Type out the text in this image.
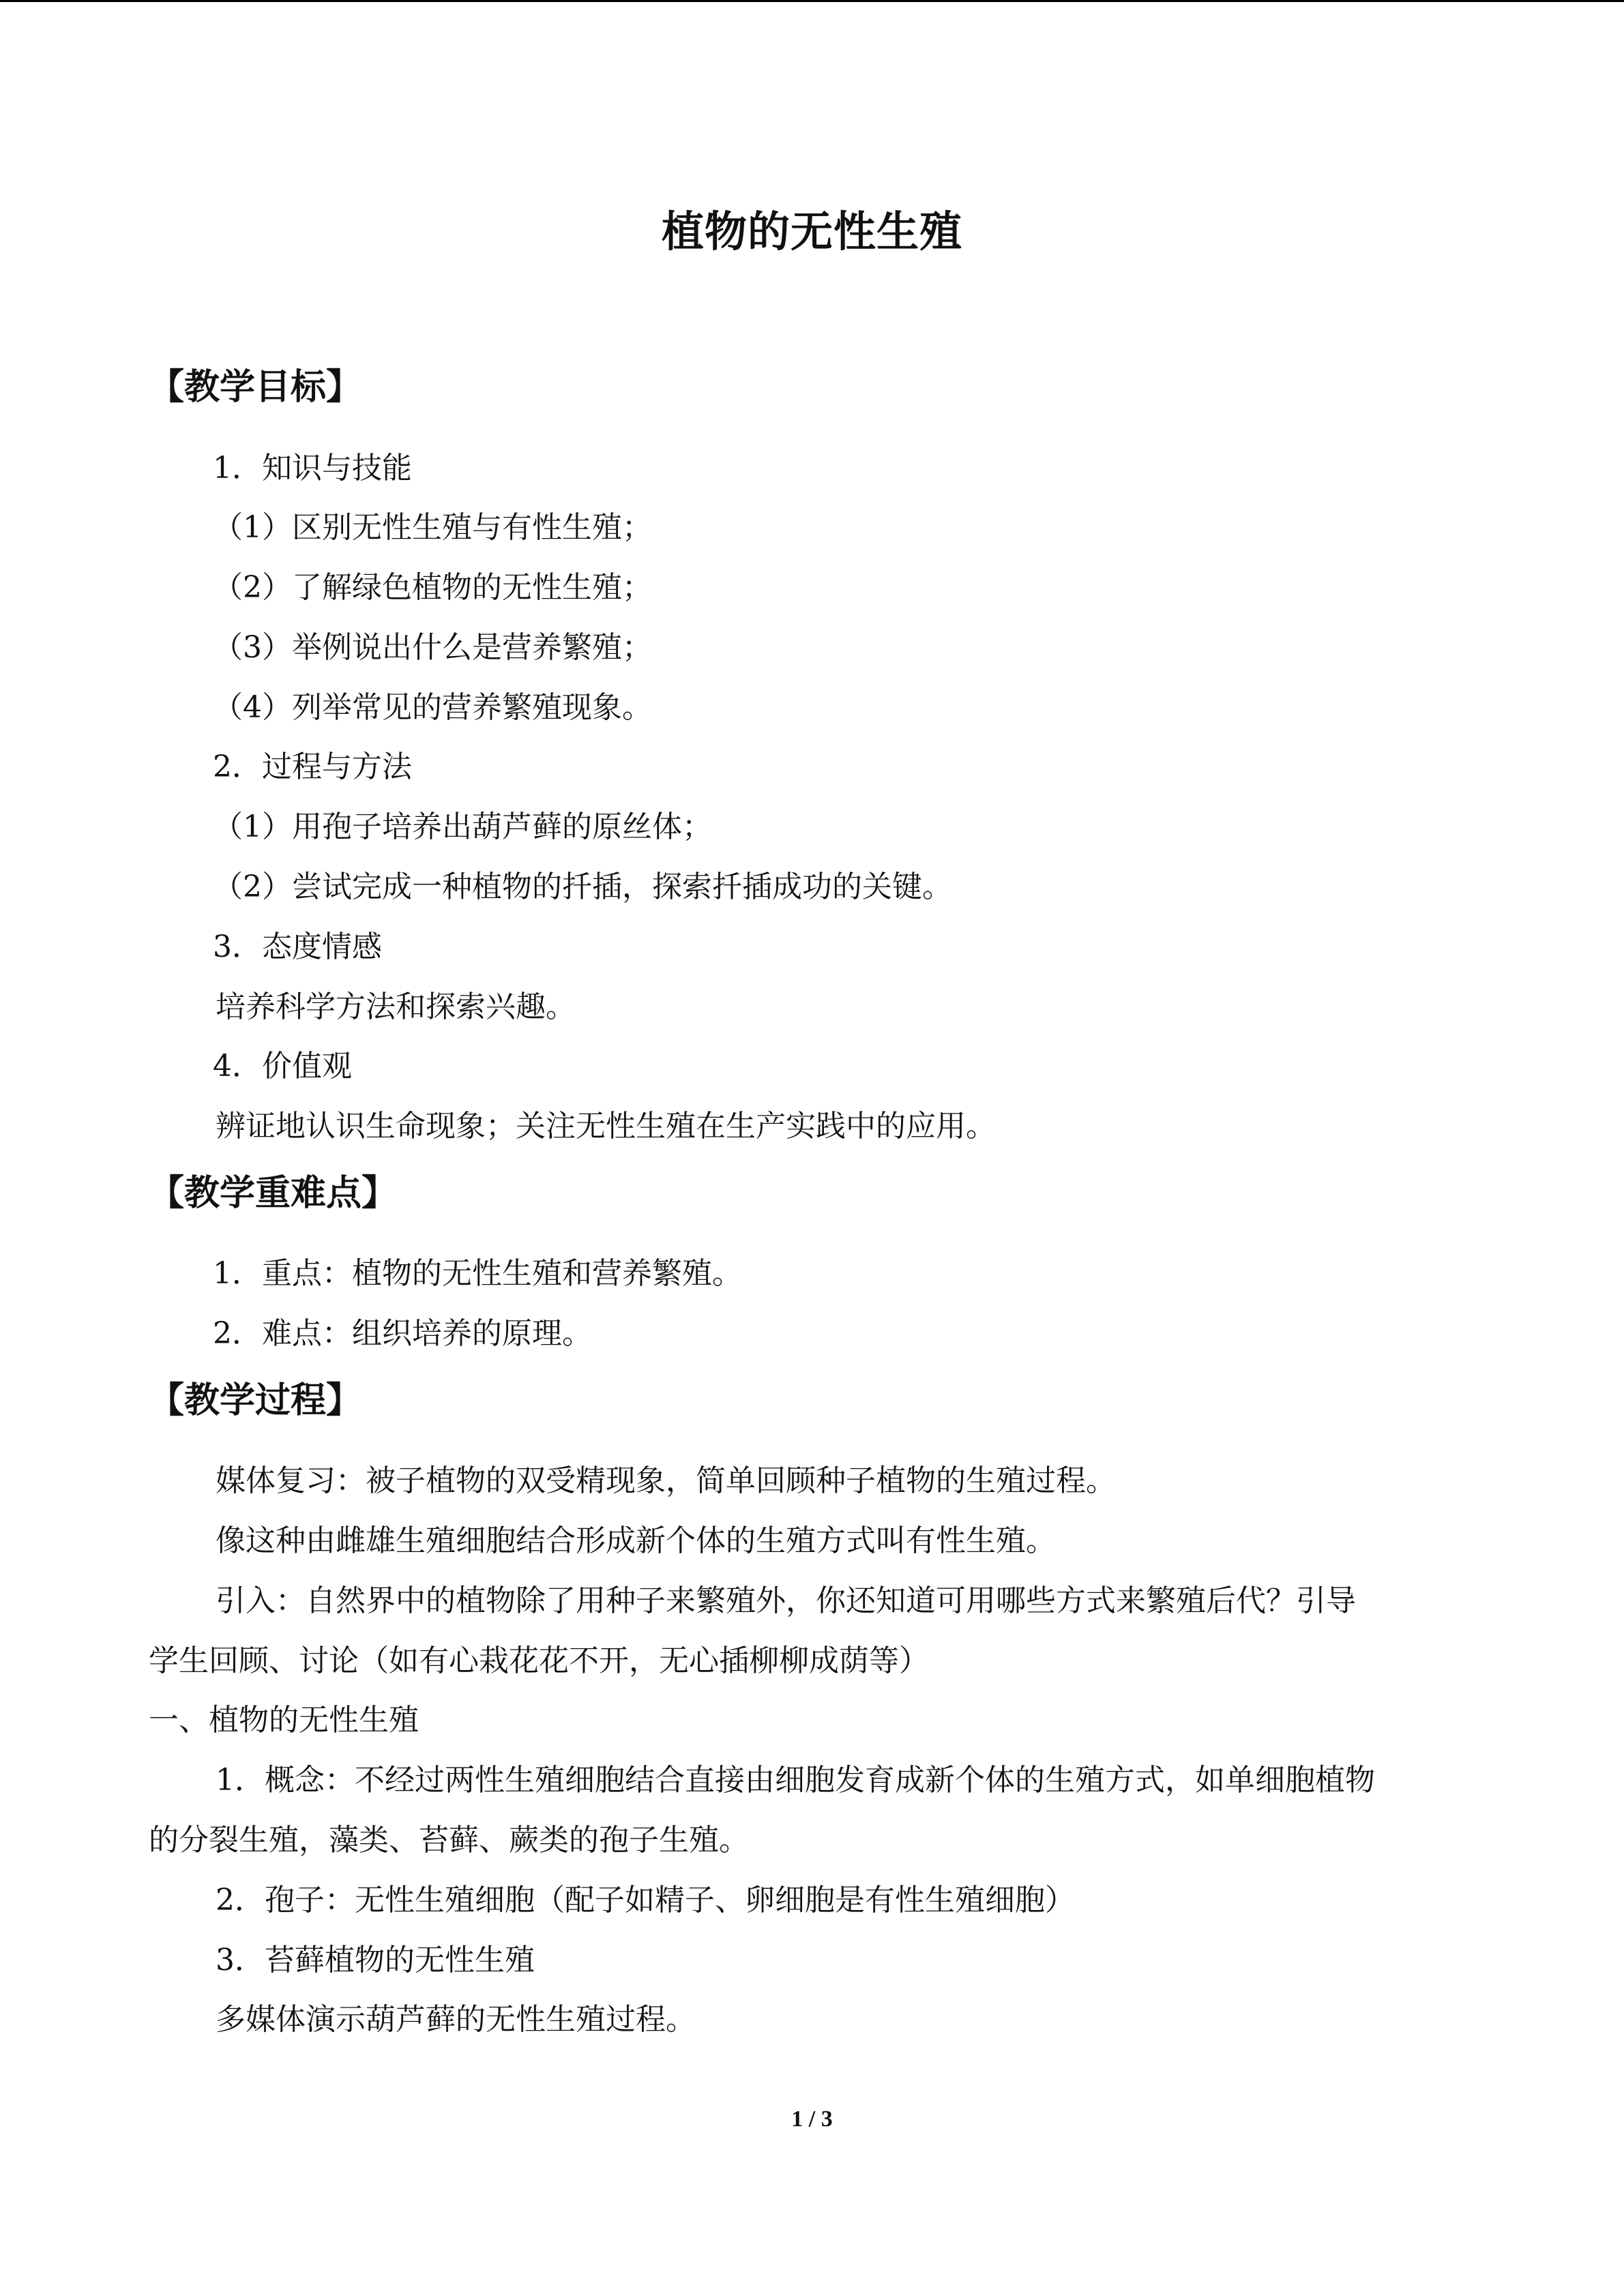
植物的无性生殖
【教学目标】
1．知识与技能
（1）区别无性生殖与有性生殖；
（2）了解绿色植物的无性生殖；
（3）举例说出什么是营养繁殖；
（4）列举常见的营养繁殖现象。
2．过程与方法
（1）用孢子培养出葫芦藓的原丝体；
（2）尝试完成一种植物的扦插，探索扦插成功的关键。
3．态度情感
培养科学方法和探索兴趣。
4．价值观
辨证地认识生命现象；关注无性生殖在生产实践中的应用。
【教学重难点】
1．重点：植物的无性生殖和营养繁殖。
2．难点：组织培养的原理。
【教学过程】
媒体复习：被子植物的双受精现象，简单回顾种子植物的生殖过程。
像这种由雌雄生殖细胞结合形成新个体的生殖方式叫有性生殖。
引入：自然界中的植物除了用种子来繁殖外，你还知道可用哪些方式来繁殖后代？引导
学生回顾、讨论（如有心栽花花不开，无心插柳柳成荫等）
一、植物的无性生殖
1．概念：不经过两性生殖细胞结合直接由细胞发育成新个体的生殖方式，如单细胞植物
的分裂生殖，藻类、苔藓、蕨类的孢子生殖。
2．孢子：无性生殖细胞（配子如精子、卵细胞是有性生殖细胞）
3．苔藓植物的无性生殖
多媒体演示葫芦藓的无性生殖过程。
1 / 3
